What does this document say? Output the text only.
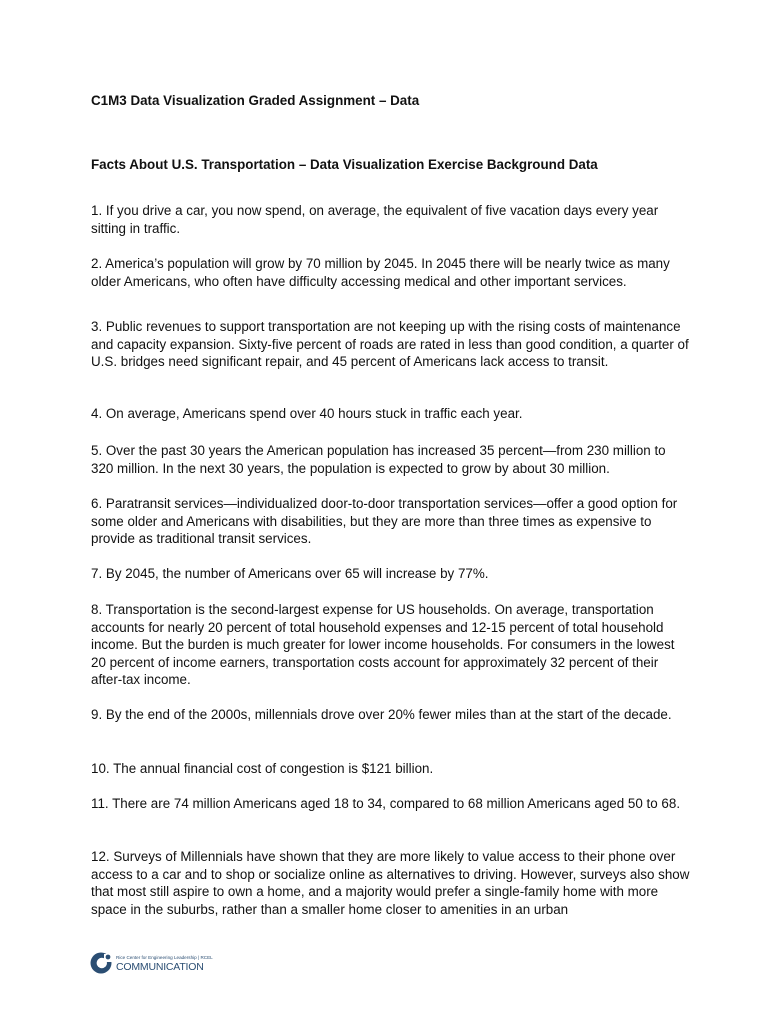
C1M3 Data Visualization Graded Assignment – Data
Facts About U.S. Transportation – Data Visualization Exercise Background Data

1. If you drive a car, you now spend, on average, the equivalent of five vacation days every year sitting in traffic.

2. America’s population will grow by 70 million by 2045. In 2045 there will be nearly twice as many older Americans, who often have difficulty accessing medical and other important services.

3. Public revenues to support transportation are not keeping up with the rising costs of maintenance and capacity expansion. Sixty-five percent of roads are rated in less than good condition, a quarter of U.S. bridges need significant repair, and 45 percent of Americans lack access to transit.

4. On average, Americans spend over 40 hours stuck in traffic each year.

5. Over the past 30 years the American population has increased 35 percent—from 230 million to 320 million. In the next 30 years, the population is expected to grow by about 30 million.

6. Paratransit services—individualized door-to-door transportation services—offer a good option for some older and Americans with disabilities, but they are more than three times as expensive to provide as traditional transit services.

7. By 2045, the number of Americans over 65 will increase by 77%.

8. Transportation is the second-largest expense for US households. On average, transportation accounts for nearly 20 percent of total household expenses and 12-15 percent of total household income. But the burden is much greater for lower income households. For consumers in the lowest 20 percent of income earners, transportation costs account for approximately 32 percent of their after-tax income.

9. By the end of the 2000s, millennials drove over 20% fewer miles than at the start of the decade.

10. The annual financial cost of congestion is $121 billion.

11. There are 74 million Americans aged 18 to 34, compared to 68 million Americans aged 50 to 68.

12. Surveys of Millennials have shown that they are more likely to value access to their phone over access to a car and to shop or socialize online as alternatives to driving. However, surveys also show that most still aspire to own a home, and a majority would prefer a single-family home with more space in the suburbs, rather than a smaller home closer to amenities in an urban

Rice Center for Engineering Leadership | RCEL
COMMUNICATION
